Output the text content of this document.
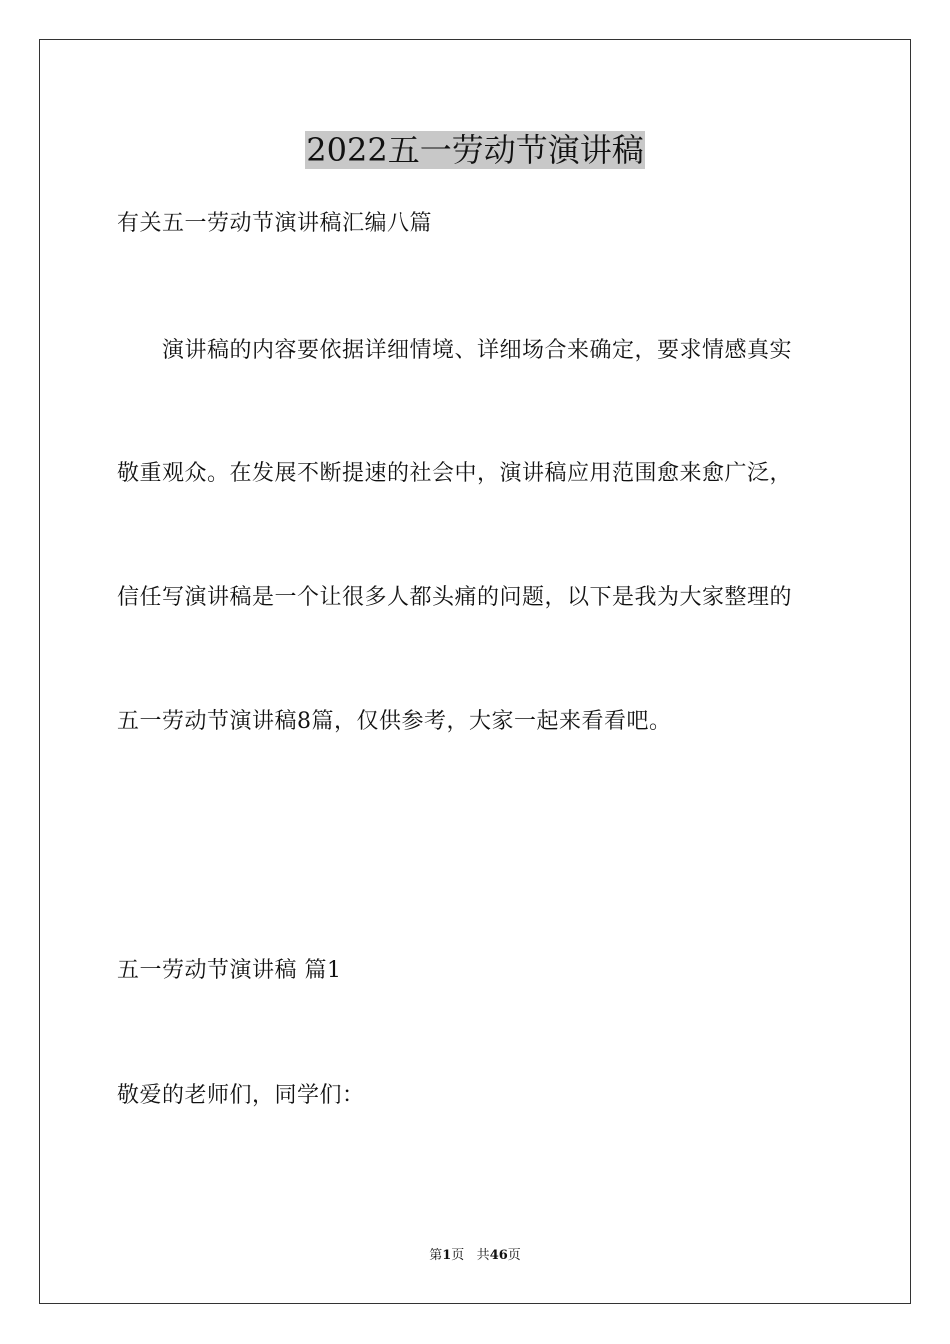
2022五一劳动节演讲稿
有关五一劳动节演讲稿汇编八篇
　　演讲稿的内容要依据详细情境、详细场合来确定，要求情感真实
敬重观众。在发展不断提速的社会中，演讲稿应用范围愈来愈广泛，
信任写演讲稿是一个让很多人都头痛的问题，以下是我为大家整理的
五一劳动节演讲稿8篇，仅供参考，大家一起来看看吧。
五一劳动节演讲稿 篇1
敬爱的老师们，同学们：
第1页 共46页
